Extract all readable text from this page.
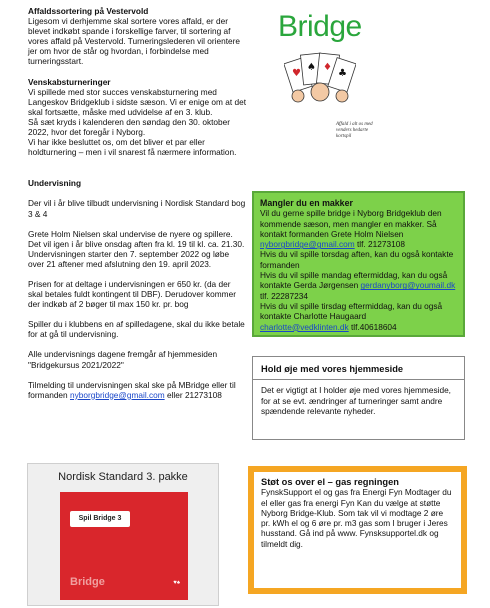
Affaldssortering på Vestervold
Ligesom vi derhjemme skal sortere vores affald, er der blevet indkøbt spande i forskellige farver, til sortering af vores affald på Vestervold. Turneringslederen vil orientere jer om hvor de står og hvordan, i forbindelse med turneringsstart.
Venskabsturneringer
Vi spillede med stor succes venskabsturnering med Langeskov Bridgeklub i sidste sæson. Vi er enige om at det skal fortsætte, måske med udvidelse af en 3. klub.
Så sæt kryds i kalenderen den søndag den 30. oktober 2022, hvor det foregår i Nyborg.
Vi har ikke besluttet os, om det bliver et par eller holdturnering – men i vil snarest få nærmere information.
Undervisning
Der vil i år blive tilbudt undervisning i Nordisk Standard bog 3 & 4
Grete Holm Nielsen skal undervise de nyere og spillere. Det vil igen i år blive onsdag aften fra kl. 19 til kl. ca. 21.30.
Undervisningen starter den 7. september 2022 og løbe over 21 aftener med afslutning den 19. april 2023.
Prisen for at deltage i undervisningen er 650 kr. (da der skal betales fuldt kontingent til DBF). Derudover kommer der indkøb af 2 bøger til max 150 kr. pr. bog
Spiller du i klubbens en af spilledagene, skal du ikke betale for at gå til undervisning.
Alle undervisnings dagene fremgår af hjemmesiden "Bridgekursus 2021/2022"
Tilmelding til undervisningen skal ske på MBridge eller til formanden nyborgbridge@gmail.com eller 21273108
Bridge
♥
♠ ♦
♣
Affald i alt os med venders hedarte kortspil
Mangler du en makker
Vil du gerne spille bridge i Nyborg Bridgeklub den kommende sæson, men mangler en makker. Så kontakt formanden Grete Holm Nielsen nyborgbridge@gmail.com tlf. 21273108
Hvis du vil spille torsdag aften, kan du også kontakte formanden
Hvis du vil spille mandag eftermiddag, kan du også kontakte Gerda Jørgensen gerdanyborg@youmail.dk tlf. 22287234
Hvis du vil spille tirsdag eftermiddag, kan du også kontakte Charlotte Haugaard charlotte@vedklinten.dk tlf.40618604
Hold øje med vores hjemmeside
Det er vigtigt at I holder øje med vores hjemmeside, for at se evt. ændringer af turneringer samt andre spændende relevante nyheder.
Nordisk Standard 3. pakke
Spil Bridge 3
Bridge	♥♠
Støt os over el – gas regningen
FynskSupport el og gas fra Energi Fyn Modtager du el eller gas fra energi Fyn Kan du vælge at støtte Nyborg Bridge-Klub. Som tak vil vi modtage 2 øre pr. kWh el og 6 øre pr. m3 gas som I bruger i Jeres husstand. Gå ind på www. Fynsksupportel.dk og tilmeldt dig.
